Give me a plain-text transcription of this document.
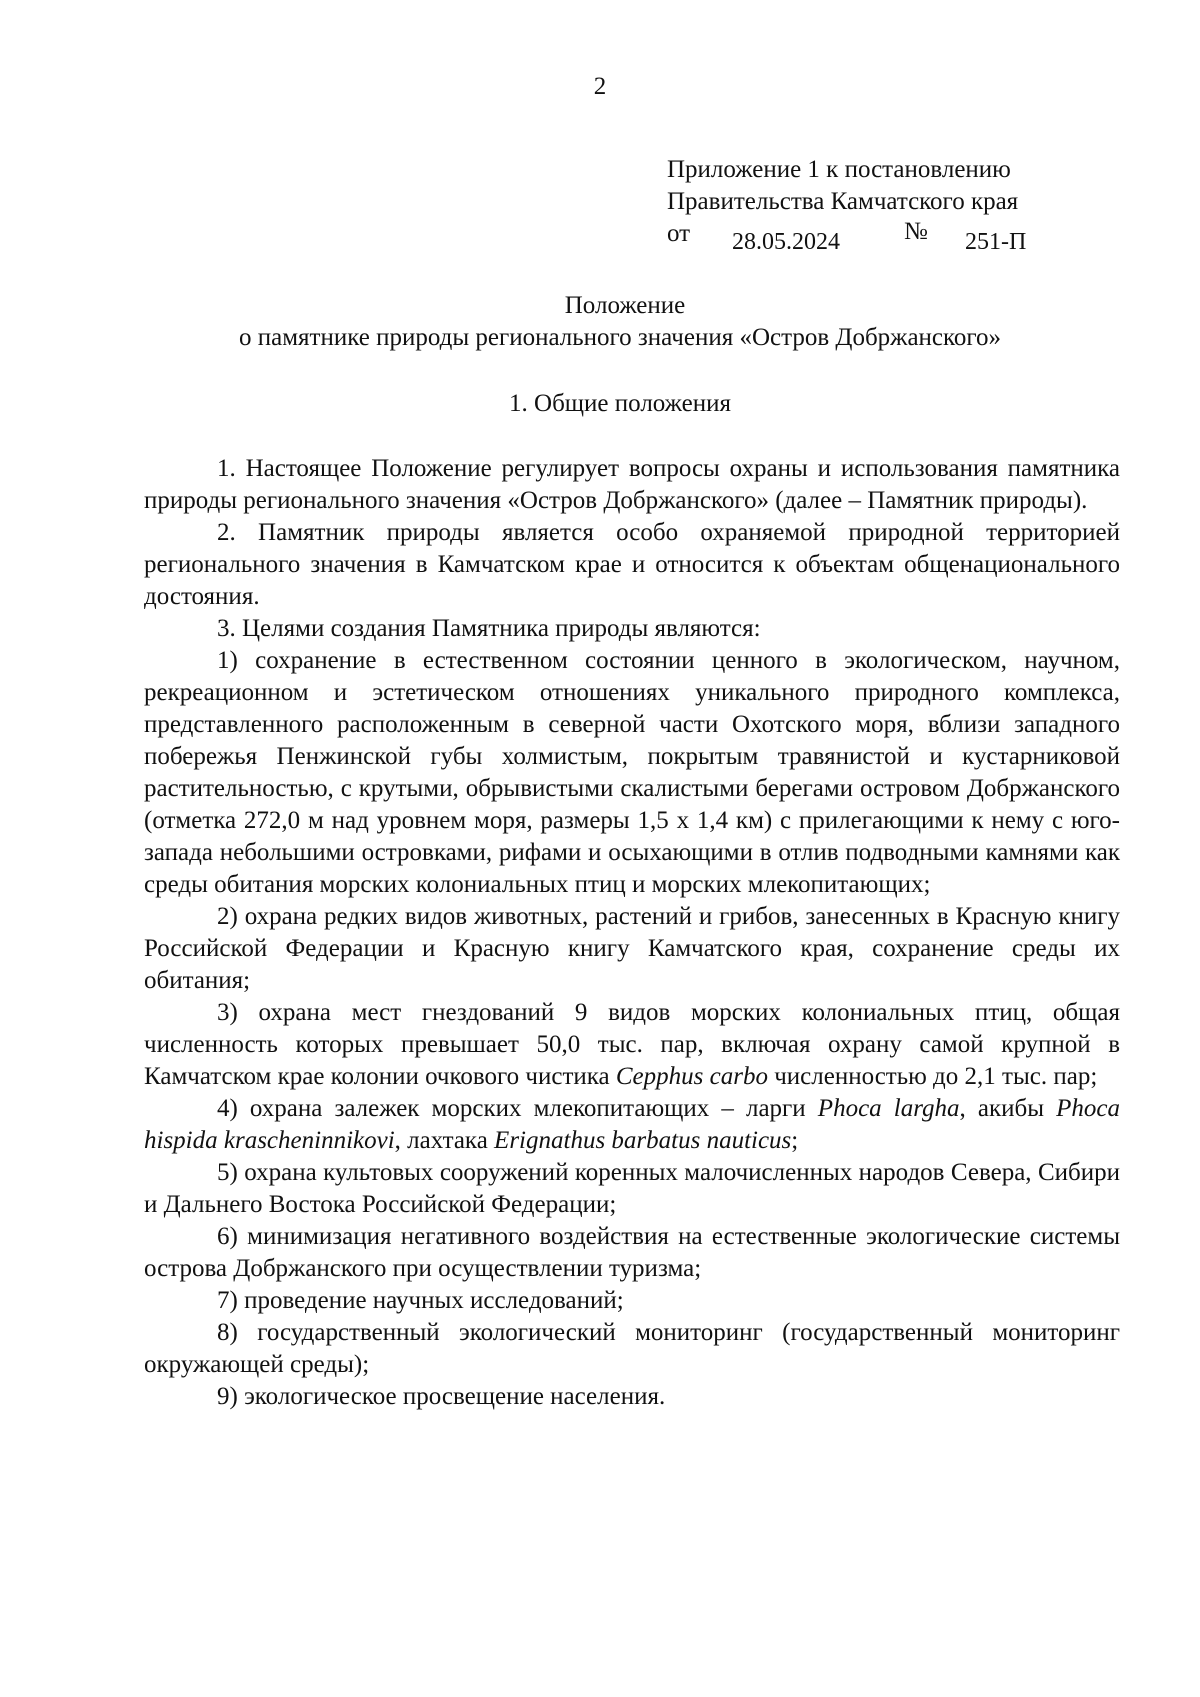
2
Приложение 1 к постановлению
Правительства Камчатского края
от 28.05.2024	№ 251-П
Положение
о памятнике природы регионального значения «Остров Добржанского»
1. Общие положения

1. Настоящее Положение регулирует вопросы охраны и использования памятника природы регионального значения «Остров Добржанского» (далее – Памятник природы).

2. Памятник природы является особо охраняемой природной территорией регионального значения в Камчатском крае и относится к объектам общенационального достояния.

3. Целями создания Памятника природы являются:

1) сохранение в естественном состоянии ценного в экологическом, научном, рекреационном и эстетическом отношениях уникального природного комплекса, представленного расположенным в северной части Охотского моря, вблизи западного побережья Пенжинской губы холмистым, покрытым травянистой и кустарниковой растительностью, с крутыми, обрывистыми скалистыми берегами островом Добржанского (отметка 272,0 м над уровнем моря, размеры 1,5 х 1,4 км) с прилегающими к нему с юго-запада небольшими островками, рифами и осыхающими в отлив подводными камнями как среды обитания морских колониальных птиц и морских млекопитающих;

2) охрана редких видов животных, растений и грибов, занесенных в Красную книгу Российской Федерации и Красную книгу Камчатского края, сохранение среды их обитания;

3) охрана мест гнездований 9 видов морских колониальных птиц, общая численность которых превышает 50,0 тыс. пар, включая охрану самой крупной в Камчатском крае колонии очкового чистика Cepphus carbo численностью до 2,1 тыс. пар;

4) охрана залежек морских млекопитающих – ларги Phoca largha, акибы Phoca hispida kraschenіnnikovi, лахтака Erignathus barbatus nauticus;

5) охрана культовых сооружений коренных малочисленных народов Севера, Сибири и Дальнего Востока Российской Федерации;

6) минимизация негативного воздействия на естественные экологические системы острова Добржанского при осуществлении туризма;

7) проведение научных исследований;

8) государственный экологический мониторинг (государственный мониторинг окружающей среды);

9) экологическое просвещение населения.
